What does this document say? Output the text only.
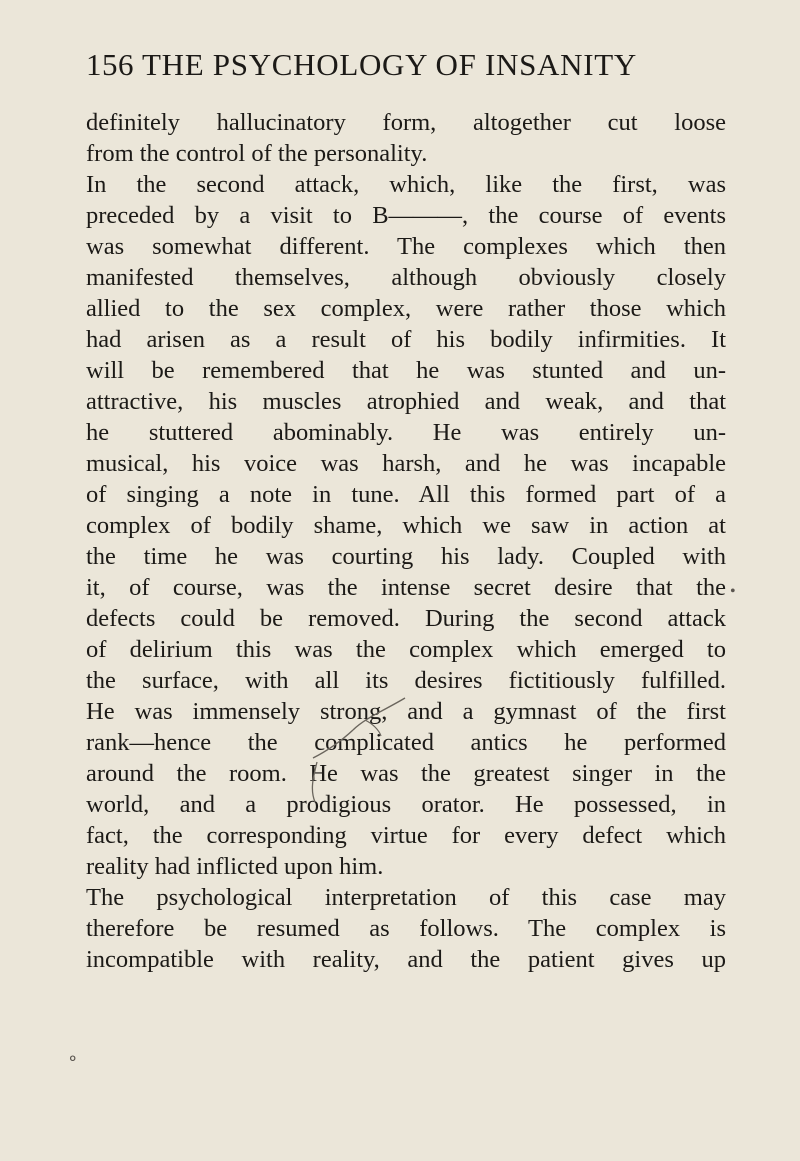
156 THE PSYCHOLOGY OF INSANITY
definitely hallucinatory form, altogether cut loose
from the control of the personality.
In the second attack, which, like the first, was
preceded by a visit to B———, the course of events
was somewhat different. The complexes which then
manifested themselves, although obviously closely
allied to the sex complex, were rather those which
had arisen as a result of his bodily infirmities. It
will be remembered that he was stunted and un-
attractive, his muscles atrophied and weak, and that
he stuttered abominably. He was entirely un-
musical, his voice was harsh, and he was incapable
of singing a note in tune. All this formed part of a
complex of bodily shame, which we saw in action at
the time he was courting his lady. Coupled with
it, of course, was the intense secret desire that the
defects could be removed. During the second attack
of delirium this was the complex which emerged to
the surface, with all its desires fictitiously fulfilled.
He was immensely strong, and a gymnast of the first
rank—hence the complicated antics he performed
around the room. He was the greatest singer in the
world, and a prodigious orator. He possessed, in
fact, the corresponding virtue for every defect which
reality had inflicted upon him.
The psychological interpretation of this case may
therefore be resumed as follows. The complex is
incompatible with reality, and the patient gives up
•
⚬
